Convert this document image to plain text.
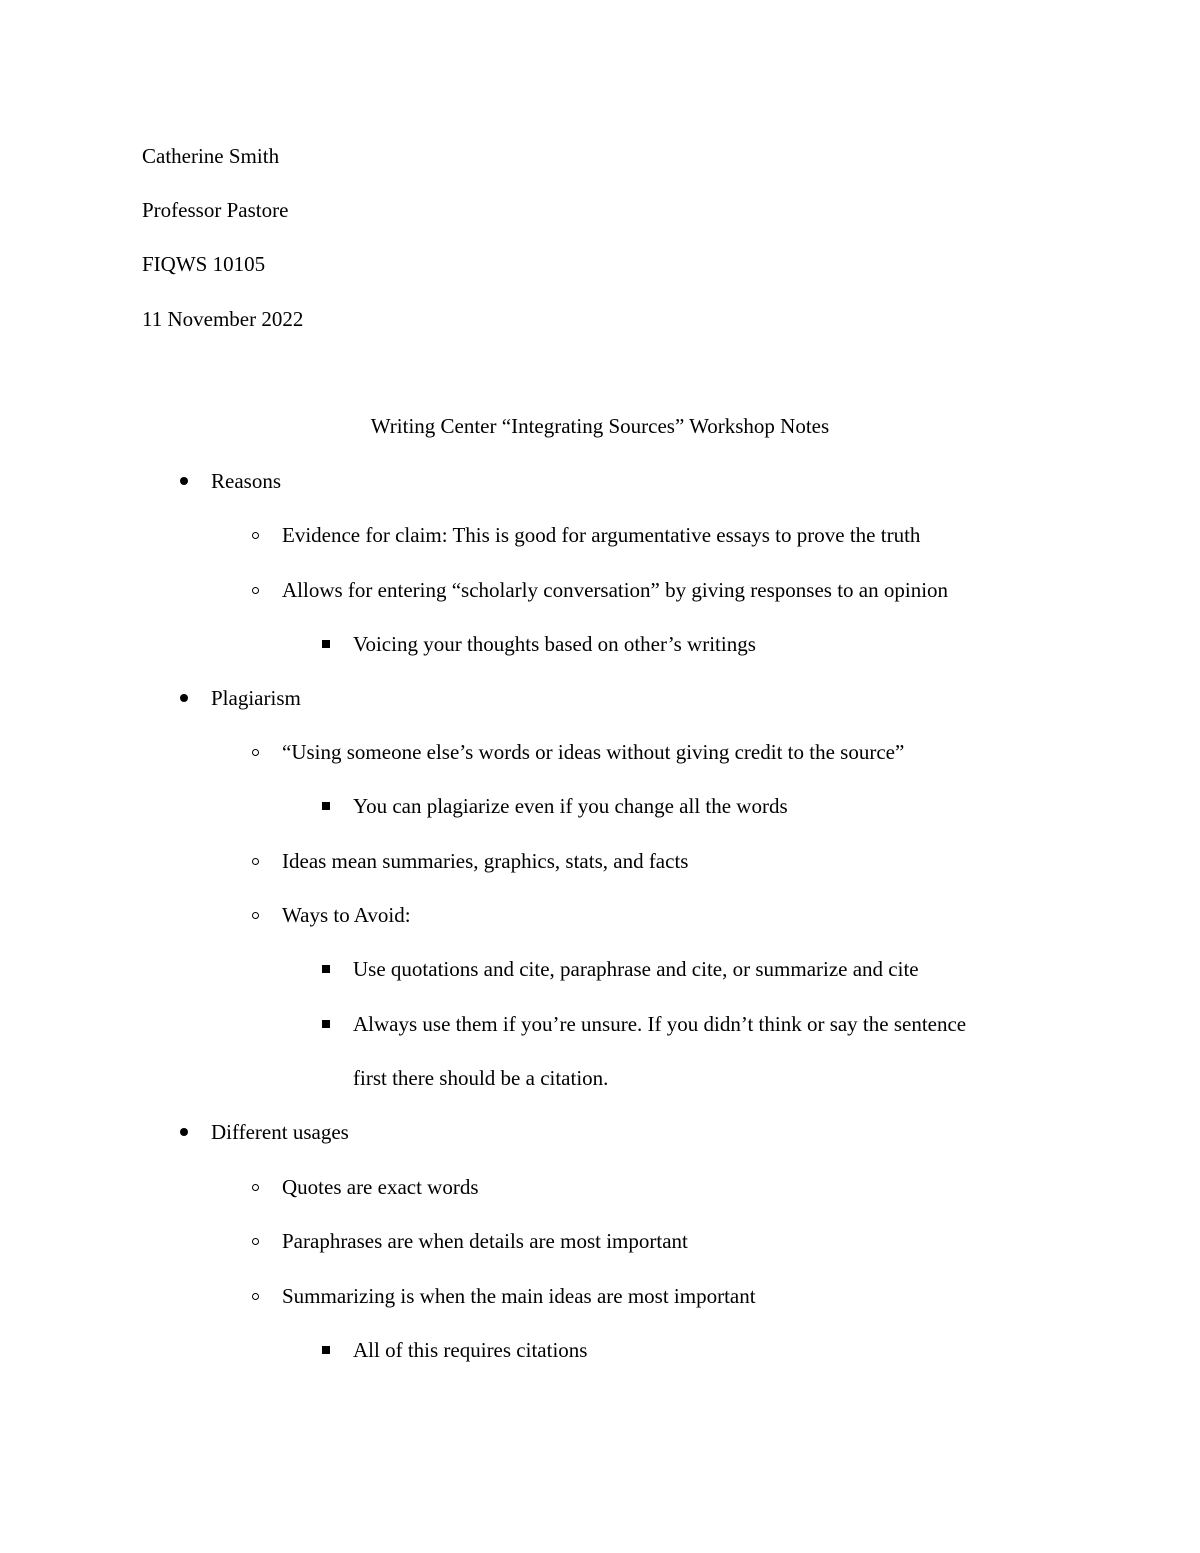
Catherine Smith
Professor Pastore
FIQWS 10105
11 November 2022
Writing Center “Integrating Sources” Workshop Notes
Reasons
Evidence for claim: This is good for argumentative essays to prove the truth
Allows for entering “scholarly conversation” by giving responses to an opinion
Voicing your thoughts based on other’s writings
Plagiarism
“Using someone else’s words or ideas without giving credit to the source”
You can plagiarize even if you change all the words
Ideas mean summaries, graphics, stats, and facts
Ways to Avoid:
Use quotations and cite, paraphrase and cite, or summarize and cite
Always use them if you’re unsure. If you didn’t think or say the sentence
first there should be a citation.
Different usages
Quotes are exact words
Paraphrases are when details are most important
Summarizing is when the main ideas are most important
All of this requires citations
